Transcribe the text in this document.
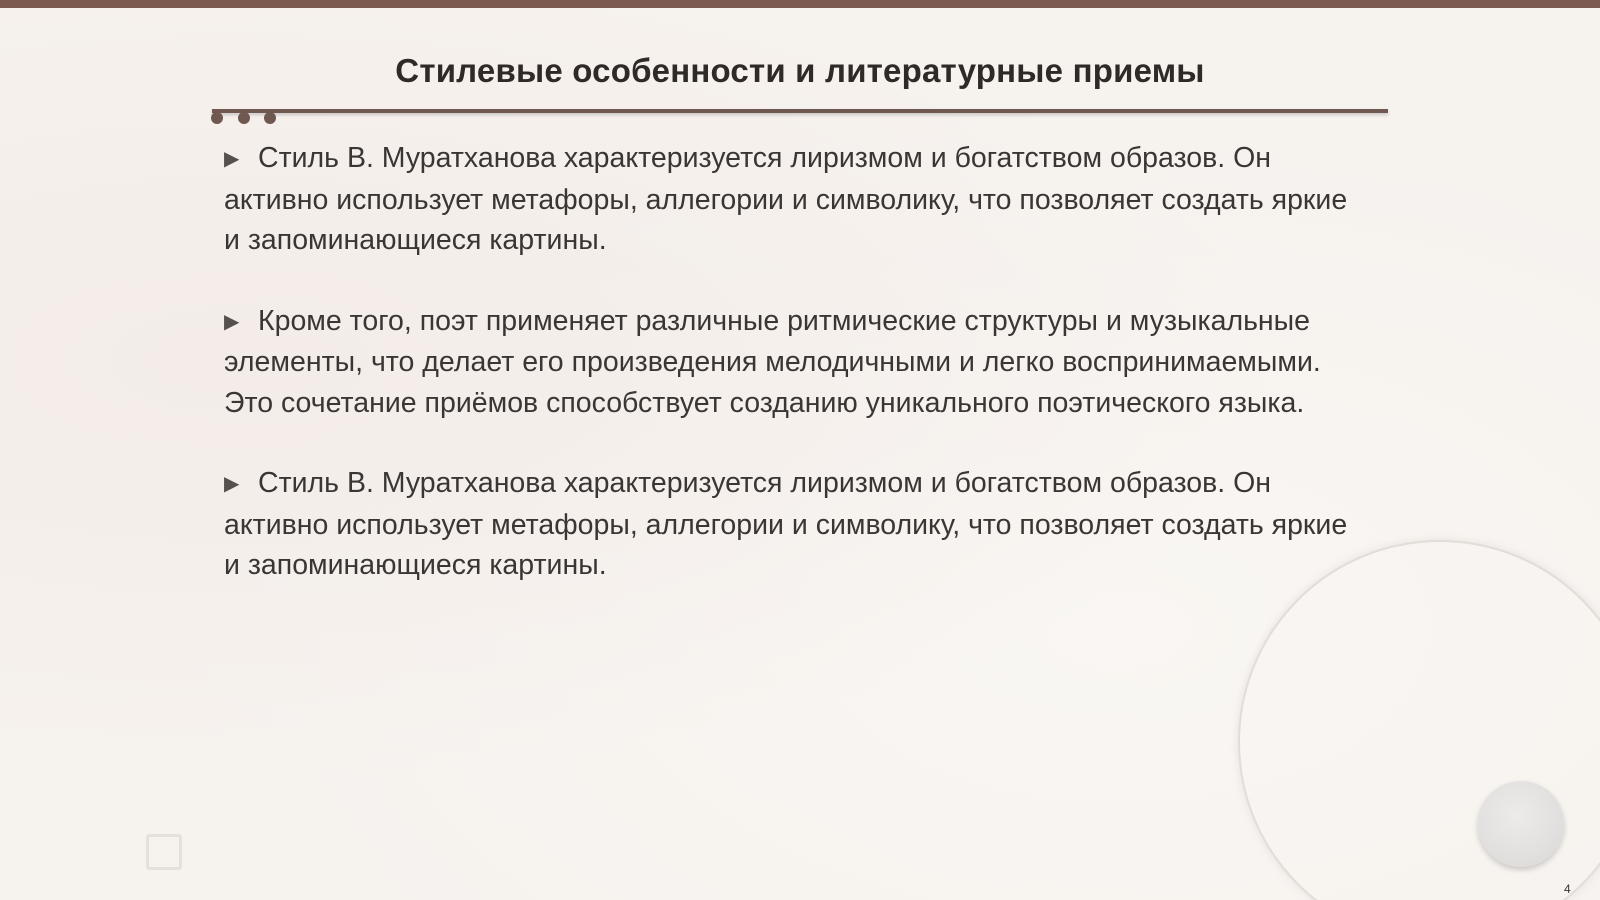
Стилевые особенности и литературные приемы

▶ Стиль В. Муратханова характеризуется лиризмом и богатством образов. Он активно использует метафоры, аллегории и символику, что позволяет создать яркие и запоминающиеся картины.

▶ Кроме того, поэт применяет различные ритмические структуры и музыкальные элементы, что делает его произведения мелодичными и легко воспринимаемыми. Это сочетание приёмов способствует созданию уникального поэтического языка.

▶ Стиль В. Муратханова характеризуется лиризмом и богатством образов. Он активно использует метафоры, аллегории и символику, что позволяет создать яркие и запоминающиеся картины.

4
